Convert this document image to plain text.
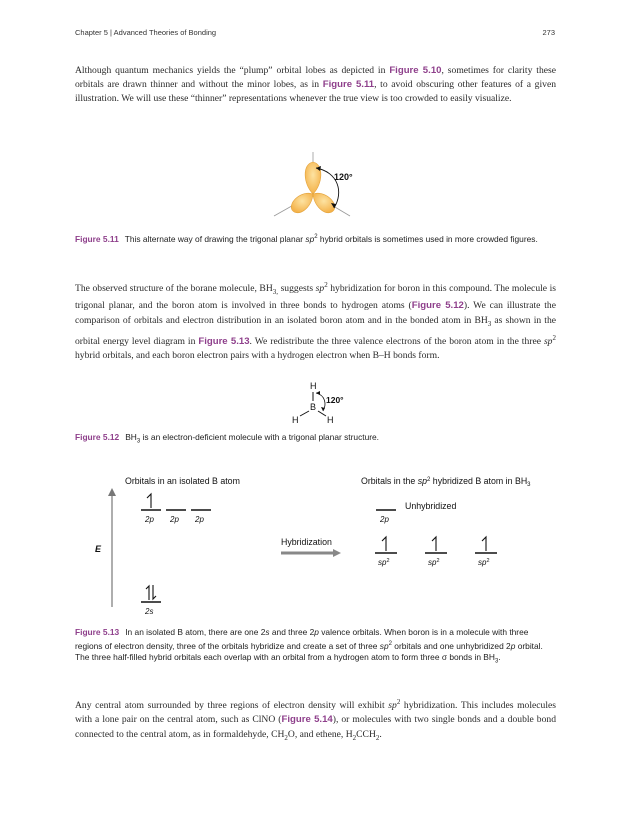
Chapter 5 | Advanced Theories of Bonding	273

Although quantum mechanics yields the “plump” orbital lobes as depicted in Figure 5.10, sometimes for clarity these orbitals are drawn thinner and without the minor lobes, as in Figure 5.11, to avoid obscuring other features of a given illustration. We will use these “thinner” representations whenever the true view is too crowded to easily visualize.

120°

Figure 5.11 This alternate way of drawing the trigonal planar $sp^2$ hybrid orbitals is sometimes used in more crowded figures.

The observed structure of the borane molecule, $BH_{3,}$ suggests $sp^2$ hybridization for boron in this compound. The molecule is trigonal planar, and the boron atom is involved in three bonds to hydrogen atoms (Figure 5.12). We can illustrate the comparison of orbitals and electron distribution in an isolated boron atom and in the bonded atom in $BH_3$ as shown in the orbital energy level diagram in Figure 5.13. We redistribute the three valence electrons of the boron atom in the three $sp^2$ hybrid orbitals, and each boron electron pairs with a hydrogen electron when B–H bonds form.

H
B
H	H
120°

Figure 5.12 $BH_3$ is an electron-deficient molecule with a trigonal planar structure.

Orbitals in an isolated B atom	Orbitals in the $sp^2$ hybridized B atom in $BH_3$
E
2p 2p 2p
2s
Hybridization
2p
Unhybridized
$sp^2$	$sp^2$	$sp^2$

Figure 5.13 In an isolated B atom, there are one 2s and three 2p valence orbitals. When boron is in a molecule with three regions of electron density, three of the orbitals hybridize and create a set of three $sp^2$ orbitals and one unhybridized 2p orbital. The three half-filled hybrid orbitals each overlap with an orbital from a hydrogen atom to form three σ bonds in $BH_3$.

Any central atom surrounded by three regions of electron density will exhibit $sp^2$ hybridization. This includes molecules with a lone pair on the central atom, such as ClNO (Figure 5.14), or molecules with two single bonds and a double bond connected to the central atom, as in formaldehyde, $CH_2O$, and ethene, $H_2CCH_2$.
